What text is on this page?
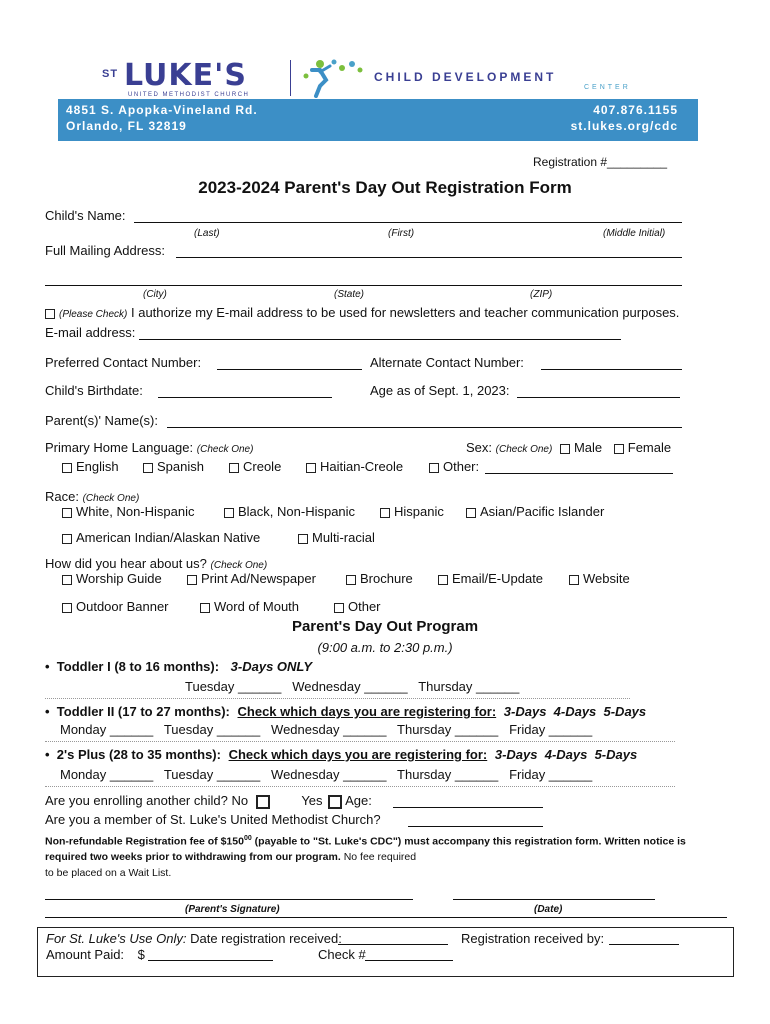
ST LUKE'S
UNITED METHODIST CHURCH
CHILD DEVELOPMENT
CENTER
4851 S. Apopka-Vineland Rd.
Orlando, FL 32819
407.876.1155
st.lukes.org/cdc
Registration #_________
2023-2024 Parent's Day Out Registration Form
Child's Name:
(Last)	(First)	(Middle Initial)
Full Mailing Address:
(City)	(State)	(ZIP)
(Please Check) I authorize my E-mail address to be used for newsletters and teacher communication purposes.
E-mail address:
Preferred Contact Number:	Alternate Contact Number:
Child's Birthdate:	Age as of Sept. 1, 2023:
Parent(s)' Name(s):
Primary Home Language: (Check One)	Sex: (Check One) Male Female
English	Spanish	Creole	Haitian-Creole	Other:
Race: (Check One)
White, Non-Hispanic	Black, Non-Hispanic	Hispanic	Asian/Pacific Islander
American Indian/Alaskan Native	Multi-racial
How did you hear about us? (Check One)
Worship Guide	Print Ad/Newspaper	Brochure	Email/E-Update	Website
Outdoor Banner	Word of Mouth	Other
Parent's Day Out Program
(9:00 a.m. to 2:30 p.m.)
•  Toddler I (8 to 16 months): 3-Days ONLY
Tuesday ______   Wednesday ______   Thursday ______
•  Toddler II (17 to 27 months): Check which days you are registering for: 3-Days  4-Days  5-Days
Monday ______   Tuesday ______   Wednesday ______   Thursday ______   Friday ______
•  2's Plus (28 to 35 months): Check which days you are registering for: 3-Days  4-Days  5-Days
Monday ______   Tuesday ______   Wednesday ______   Thursday ______   Friday ______
Are you enrolling another child? No	Yes Age:
Are you a member of St. Luke's United Methodist Church?
Non-refundable Registration fee of $\$150^{00}$ (payable to "St. Luke's CDC") must accompany this registration form. Written notice is
required two weeks prior to withdrawing from our program. No fee required
to be placed on a Wait List.
(Parent's Signature)	(Date)
For St. Luke's Use Only: Date registration received:	Registration received by:
Amount Paid: $	Check #
